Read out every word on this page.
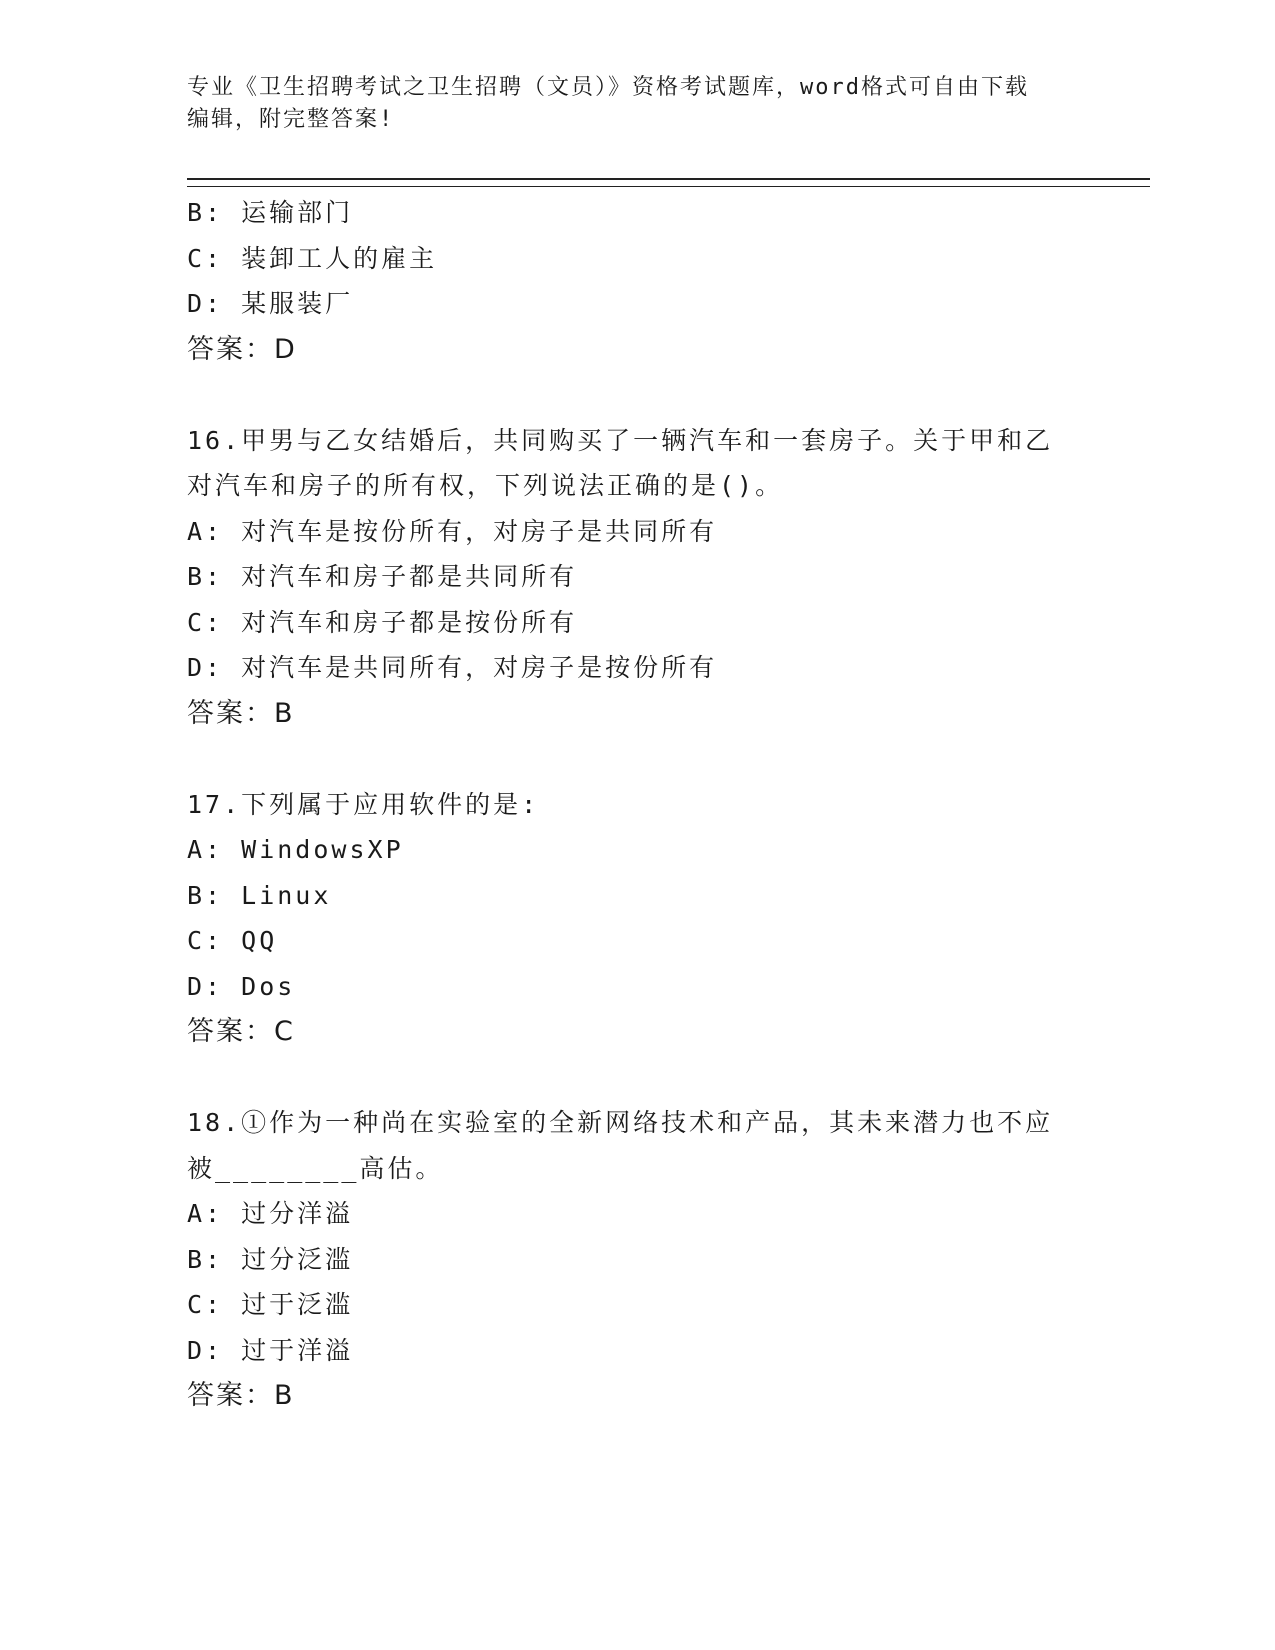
专业《卫生招聘考试之卫生招聘（文员）》资格考试题库，word格式可自由下载
编辑，附完整答案!
B: 运输部门
C: 装卸工人的雇主
D: 某服装厂
答案：D
16.甲男与乙女结婚后，共同购买了一辆汽车和一套房子。关于甲和乙
对汽车和房子的所有权，下列说法正确的是()。
A: 对汽车是按份所有，对房子是共同所有
B: 对汽车和房子都是共同所有
C: 对汽车和房子都是按份所有
D: 对汽车是共同所有，对房子是按份所有
答案：B
17.下列属于应用软件的是:
A: WindowsXP
B: Linux
C: QQ
D: Dos
答案：C
18.①作为一种尚在实验室的全新网络技术和产品，其未来潜力也不应
被________高估。
A: 过分洋溢
B: 过分泛滥
C: 过于泛滥
D: 过于洋溢
答案：B
